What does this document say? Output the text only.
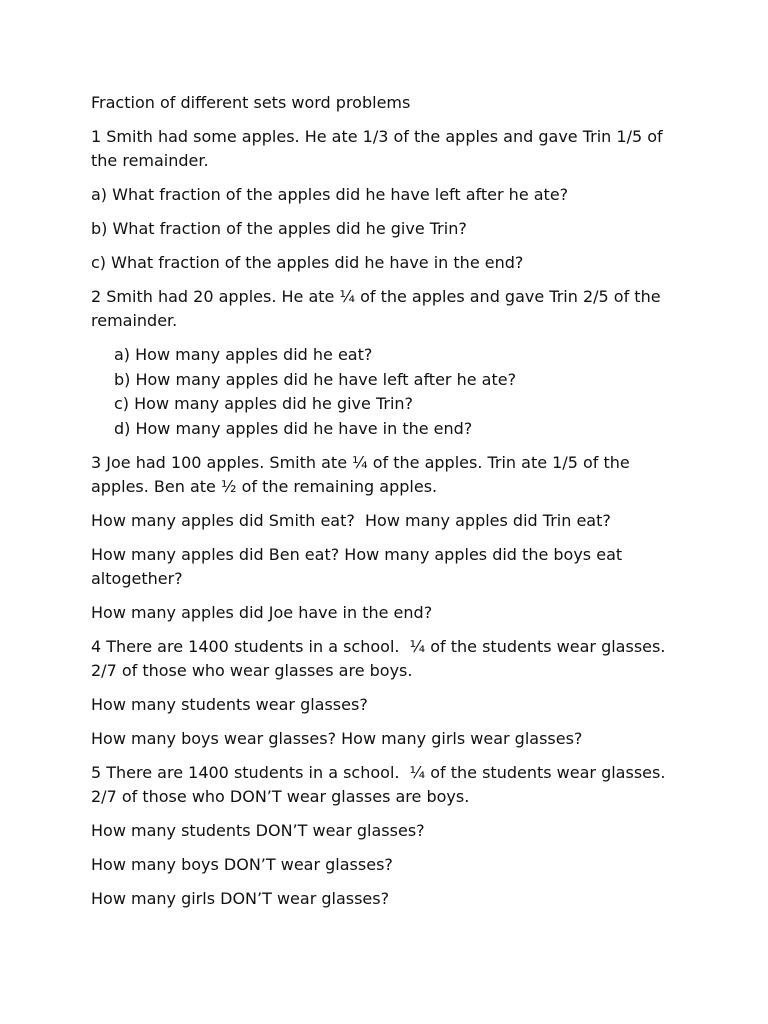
Fraction of different sets word problems

1 Smith had some apples. He ate 1/3 of the apples and gave Trin 1/5 of the remainder.

a) What fraction of the apples did he have left after he ate?

b) What fraction of the apples did he give Trin?

c) What fraction of the apples did he have in the end?

2 Smith had 20 apples. He ate ¼ of the apples and gave Trin 2/5 of the remainder.

a) How many apples did he eat?
b) How many apples did he have left after he ate?
c) How many apples did he give Trin?
d) How many apples did he have in the end?

3 Joe had 100 apples. Smith ate ¼ of the apples. Trin ate 1/5 of the apples. Ben ate ½ of the remaining apples.

How many apples did Smith eat?  How many apples did Trin eat?

How many apples did Ben eat? How many apples did the boys eat altogether?

How many apples did Joe have in the end?

4 There are 1400 students in a school.  ¼ of the students wear glasses. 2/7 of those who wear glasses are boys.

How many students wear glasses?

How many boys wear glasses? How many girls wear glasses?

5 There are 1400 students in a school.  ¼ of the students wear glasses. 2/7 of those who DON’T wear glasses are boys.

How many students DON’T wear glasses?

How many boys DON’T wear glasses?

How many girls DON’T wear glasses?
